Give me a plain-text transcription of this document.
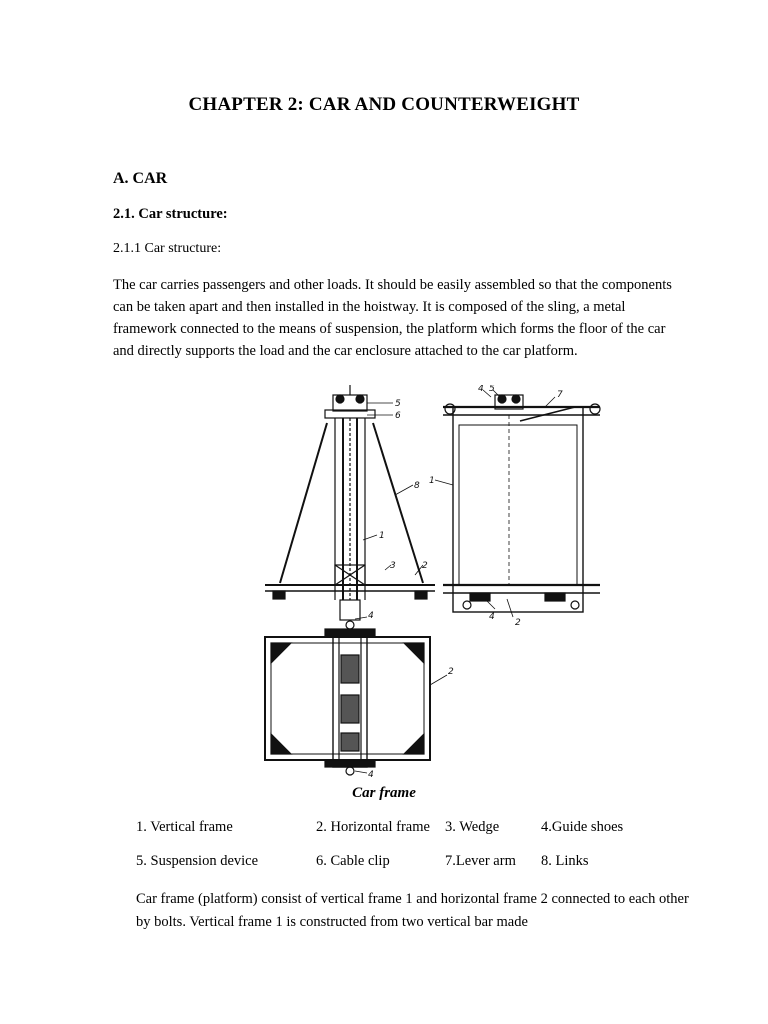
CHAPTER 2: CAR AND COUNTERWEIGHT
A. CAR
2.1. Car structure:
2.1.1 Car structure:
The car carries passengers and other loads. It should be easily assembled so that the components can be taken apart and then installed in the hoistway. It is composed of the sling, a metal framework connected to the means of suspension, the platform which forms the floor of the car and directly supports the load and the car enclosure attached to the car platform.
5
6
8
1
3	2
1
4 5
7
4
2
4
2
4
Car frame
1. Vertical frame	2. Horizontal frame 3. Wedge	4.Guide shoes
5. Suspension device	6. Cable clip	7.Lever arm 8. Links
Car frame (platform) consist of vertical frame 1 and horizontal frame 2 connected to each other by bolts. Vertical frame 1 is constructed from two vertical bar made
